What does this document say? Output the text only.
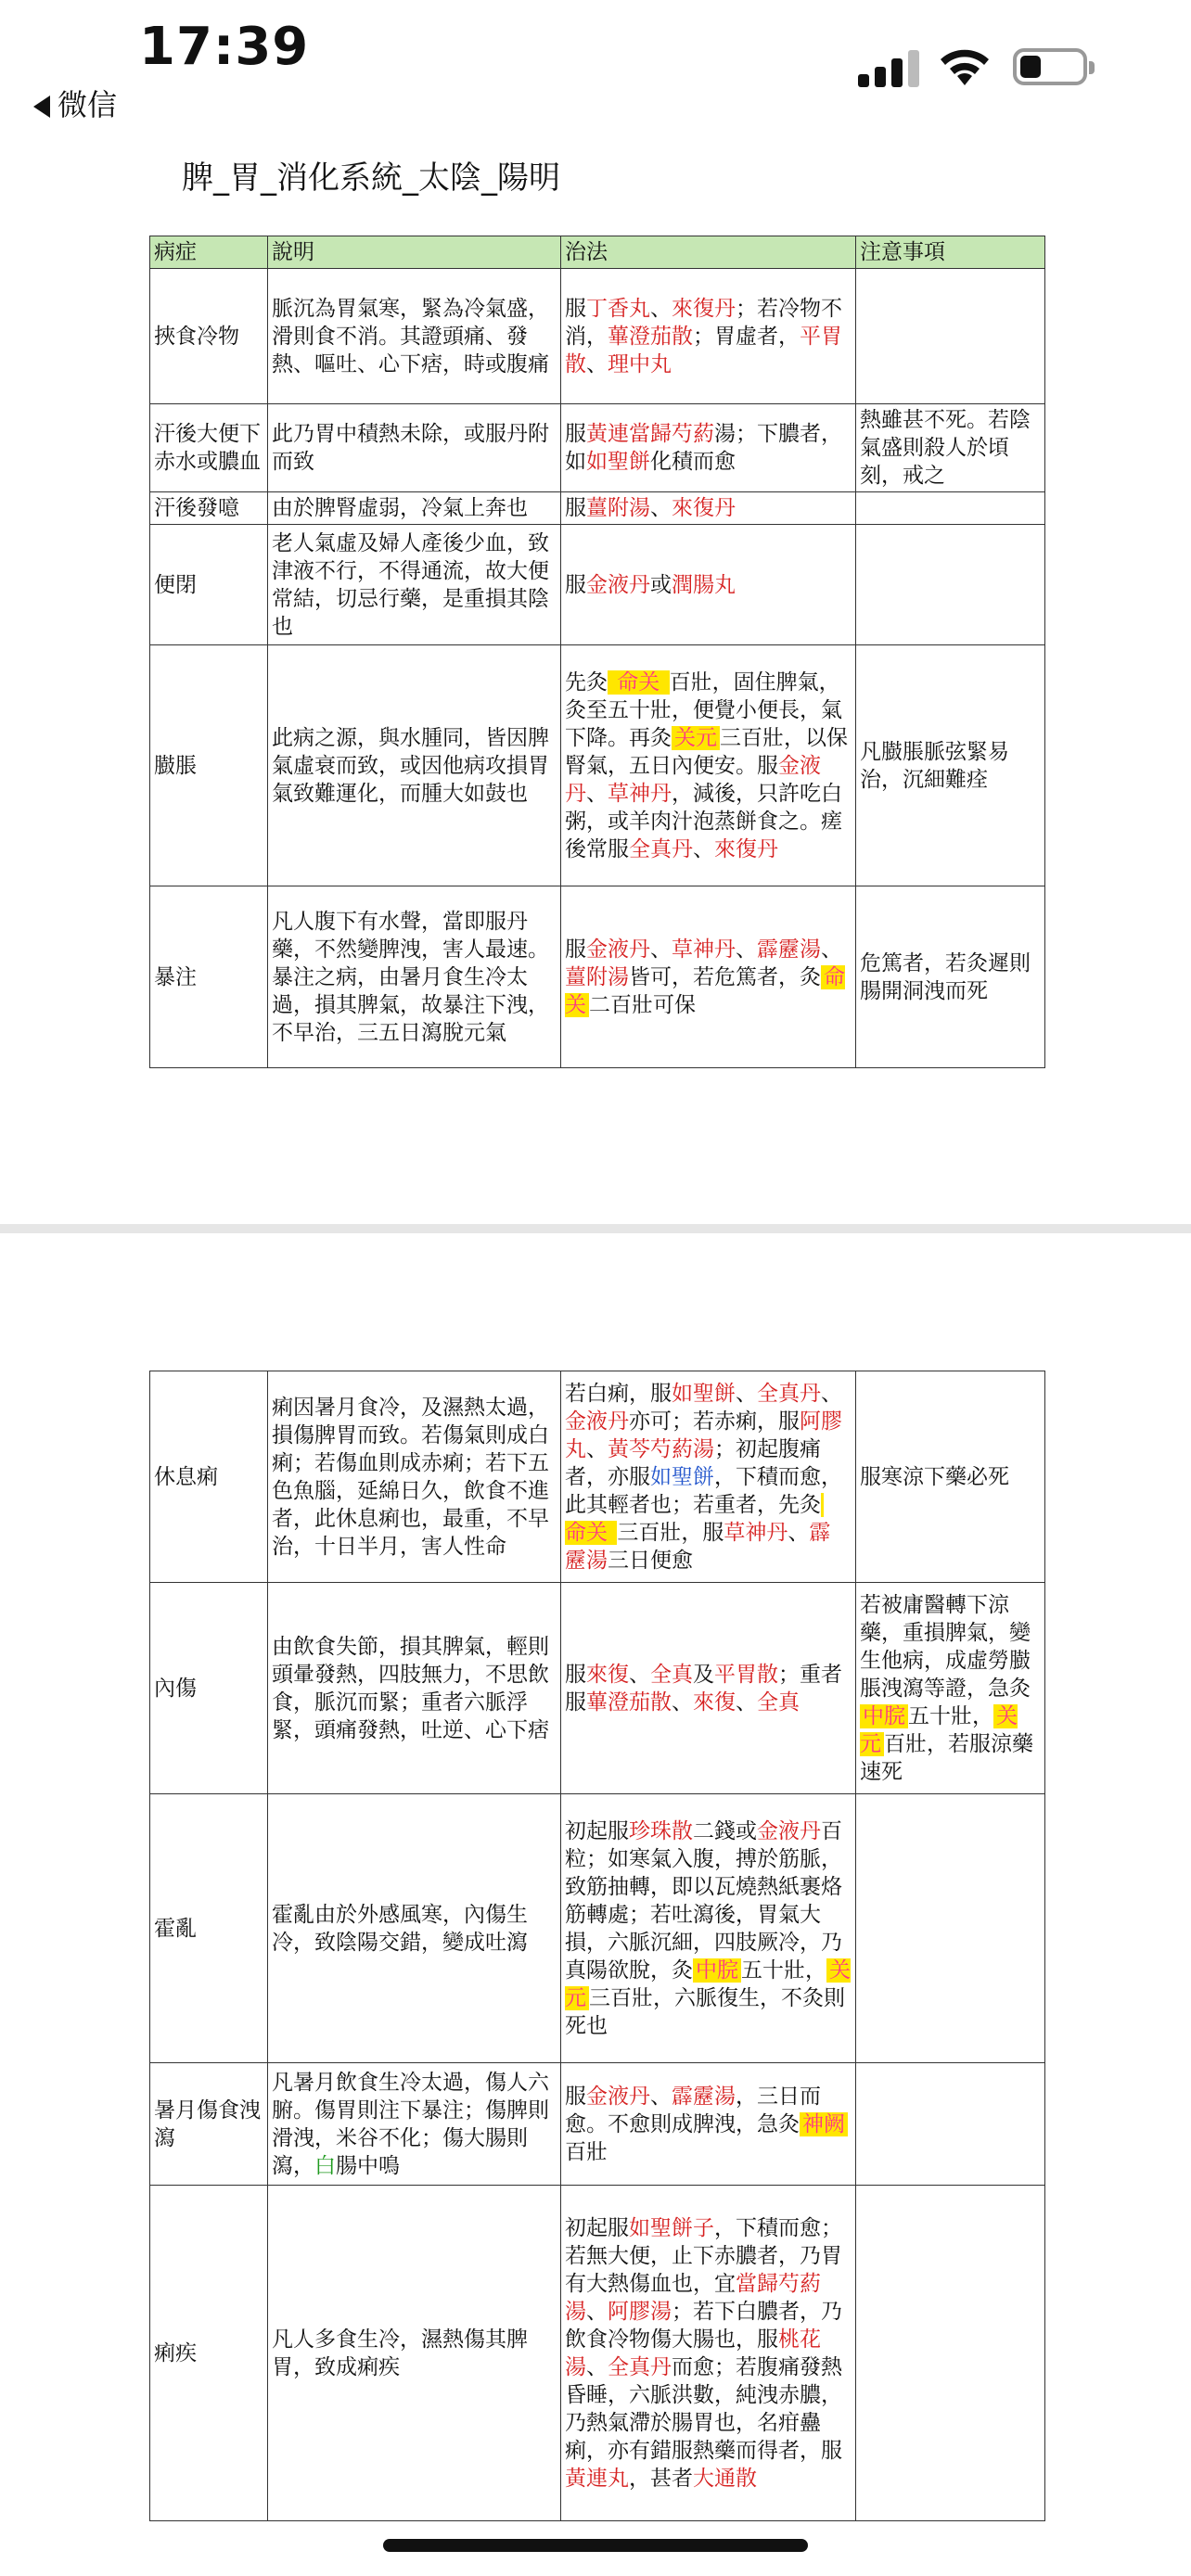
17:39
微信
脾_胃_消化系統_太陰_陽明
病症	說明	治法	注意事項
挾食冷物	脈沉為胃氣寒，緊為冷氣盛，滑則食不消。其證頭痛、發熱、嘔吐、心下痞，時或腹痛	服丁香丸、來復丹；若冷物不消，蓽澄茄散；胃虛者，平胃散、理中丸	
汗後大便下赤水或膿血	此乃胃中積熱未除，或服丹附而致	服黃連當歸芍葯湯；下膿者，如如聖餅化積而愈	熱雖甚不死。若陰氣盛則殺人於頃刻，戒之
汗後發噫	由於脾腎虛弱，冷氣上奔也	服薑附湯、來復丹	
便閉	老人氣虛及婦人產後少血，致津液不行，不得通流，故大便常結，切忌行藥，是重損其陰也	服金液丹或潤腸丸	
臌脹	此病之源，與水腫同，皆因脾氣虛衰而致，或因他病攻損胃氣致難運化，而腫大如鼓也	先灸 命关 百壯，固住脾氣，灸至五十壯，便覺小便長，氣下降。再灸 关元 三百壯，以保腎氣，五日內便安。服金液丹、草神丹，減後，只許吃白粥，或羊肉汁泡蒸餅食之。瘥後常服全真丹、來復丹	凡臌脹脈弦緊易治，沉細難痊
暴注	凡人腹下有水聲，當即服丹藥，不然變脾洩，害人最速。暴注之病，由暑月食生冷太過，損其脾氣，故暴注下洩，不早治，三五日瀉脫元氣	服金液丹、草神丹、霹靂湯、薑附湯皆可，若危篤者，灸 命关 二百壯可保	危篤者，若灸遲則腸開洞洩而死
休息痢	痢因暑月食冷，及濕熱太過，損傷脾胃而致。若傷氣則成白痢；若傷血則成赤痢；若下五色魚腦，延綿日久，飲食不進者，此休息痢也，最重，不早治，十日半月，害人性命	若白痢，服如聖餅、全真丹、金液丹亦可；若赤痢，服阿膠丸、黃芩芍葯湯；初起腹痛者，亦服如聖餅，下積而愈，此其輕者也；若重者，先灸 命关 三百壯，服草神丹、霹靂湯三日便愈	服寒涼下藥必死
內傷	由飲食失節，損其脾氣，輕則頭暈發熱，四肢無力，不思飲食，脈沉而緊；重者六脈浮緊，頭痛發熱，吐逆、心下痞	服來復、全真及平胃散；重者服蓽澄茄散、來復、全真	若被庸醫轉下涼藥，重損脾氣，變生他病，成虛勞臌脹洩瀉等證，急灸中脘 五十壯， 关元 百壯，若服涼藥速死
霍亂	霍亂由於外感風寒，內傷生冷，致陰陽交錯，變成吐瀉	初起服珍珠散二錢或金液丹百粒；如寒氣入腹，搏於筋脈，致筋抽轉，即以瓦燒熱紙裹烙筋轉處；若吐瀉後，胃氣大損，六脈沉細，四肢厥冷，乃真陽欲脫，灸 中脘 五十壯， 关元 三百壯，六脈復生，不灸則死也	
暑月傷食洩瀉	凡暑月飲食生冷太過，傷人六腑。傷胃則注下暴注；傷脾則滑洩，米谷不化；傷大腸則瀉，白腸中鳴	服金液丹、霹靂湯，三日而愈。不愈則成脾洩，急灸 神阙百壯	
痢疾	凡人多食生冷，濕熱傷其脾胃，致成痢疾	初起服如聖餅子，下積而愈；若無大便，止下赤膿者，乃胃有大熱傷血也，宜當歸芍葯湯、阿膠湯；若下白膿者，乃飲食冷物傷大腸也，服桃花湯、全真丹而愈；若腹痛發熱昏睡，六脈洪數，純洩赤膿，乃熱氣滯於腸胃也，名疳蠱痢，亦有錯服熱藥而得者，服黃連丸，甚者大通散	
